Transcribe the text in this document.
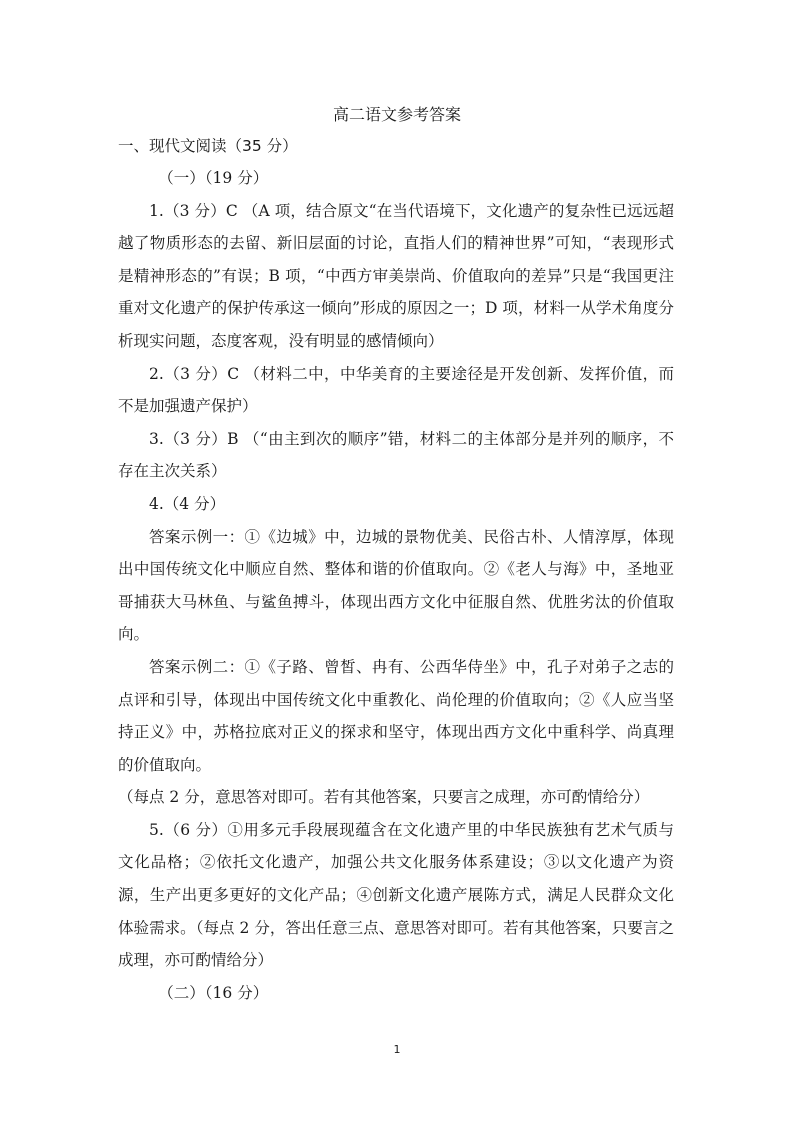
高二语文参考答案
一、现代文阅读（35 分）

（一）（19 分）

1.（3 分）C （A 项，结合原文“在当代语境下，文化遗产的复杂性已远远超越了物质形态的去留、新旧层面的讨论，直指人们的精神世界”可知，“表现形式是精神形态的”有误；B 项，“中西方审美崇尚、价值取向的差异”只是“我国更注重对文化遗产的保护传承这一倾向”形成的原因之一；D 项，材料一从学术角度分析现实问题，态度客观，没有明显的感情倾向）

2.（3 分）C （材料二中，中华美育的主要途径是开发创新、发挥价值，而不是加强遗产保护）

3.（3 分）B （“由主到次的顺序”错，材料二的主体部分是并列的顺序，不存在主次关系）

4.（4 分）

答案示例一：①《边城》中，边城的景物优美、民俗古朴、人情淳厚，体现出中国传统文化中顺应自然、整体和谐的价值取向。②《老人与海》中，圣地亚哥捕获大马林鱼、与鲨鱼搏斗，体现出西方文化中征服自然、优胜劣汰的价值取向。

答案示例二：①《子路、曾皙、冉有、公西华侍坐》中，孔子对弟子之志的点评和引导，体现出中国传统文化中重教化、尚伦理的价值取向；②《人应当坚持正义》中，苏格拉底对正义的探求和坚守，体现出西方文化中重科学、尚真理的价值取向。

（每点 2 分，意思答对即可。若有其他答案，只要言之成理，亦可酌情给分）

5.（6 分）①用多元手段展现蕴含在文化遗产里的中华民族独有艺术气质与文化品格；②依托文化遗产，加强公共文化服务体系建设；③以文化遗产为资源，生产出更多更好的文化产品；④创新文化遗产展陈方式，满足人民群众文化体验需求。（每点 2 分，答出任意三点、意思答对即可。若有其他答案，只要言之成理，亦可酌情给分）

（二）（16 分）

1
